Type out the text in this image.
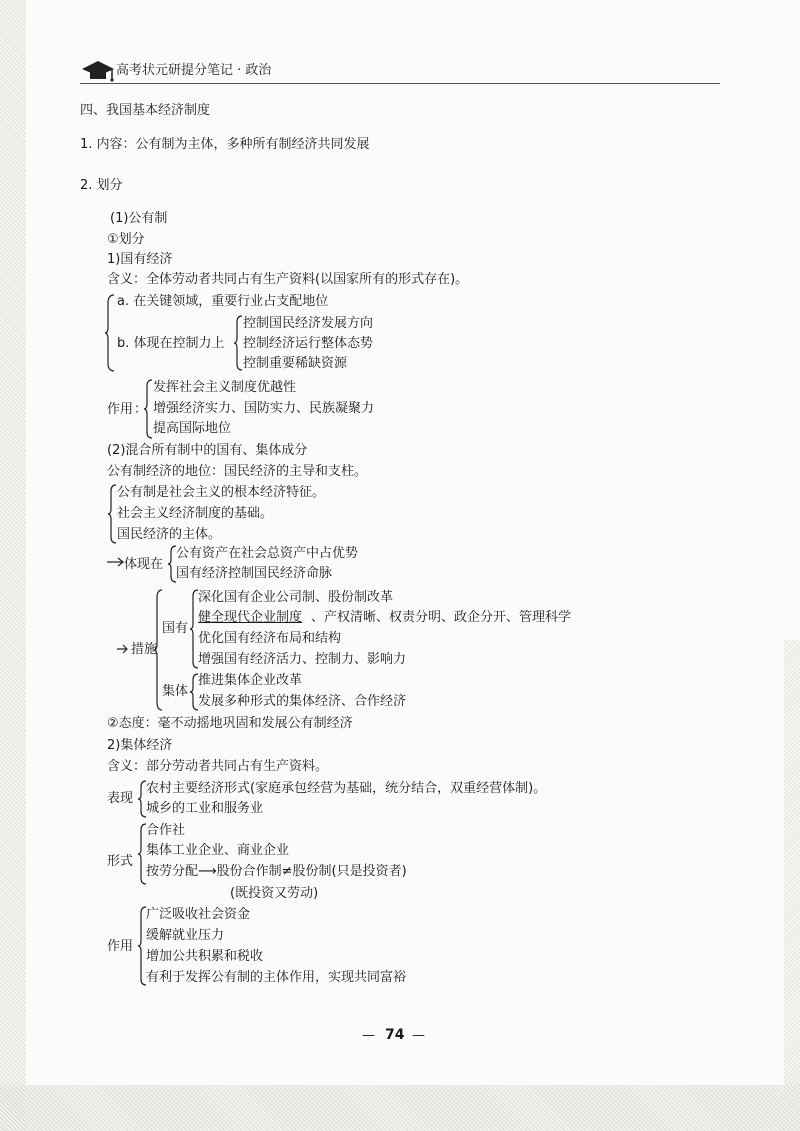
高考状元研提分笔记 · 政治
四、我国基本经济制度
1. 内容：公有制为主体，多种所有制经济共同发展
2. 划分
(1)公有制
①划分
1)国有经济
含义：全体劳动者共同占有生产资料(以国家所有的形式存在)。
a. 在关键领域，重要行业占支配地位
b. 体现在控制力上
控制国民经济发展方向
控制经济运行整体态势
控制重要稀缺资源
作用 ：
发挥社会主义制度优越性
增强经济实力、国防实力、民族凝聚力
提高国际地位
(2)混合所有制中的国有、集体成分
公有制经济的地位：国民经济的主导和支柱。
公有制是社会主义的根本经济特征。
社会主义经济制度的基础。
国民经济的主体。
体现在
公有资产在社会总资产中占优势
国有经济控制国民经济命脉
措施
国有
深化国有企业公司制、股份制改革
健全现代企业制度 、产权清晰、权责分明、政企分开、管理科学
优化国有经济布局和结构
增强国有经济活力、控制力、影响力
集体
推进集体企业改革
发展多种形式的集体经济、合作经济
②态度：毫不动摇地巩固和发展公有制经济
2)集体经济
含义：部分劳动者共同占有生产资料。
表现
农村主要经济形式(家庭承包经营为基础，统分结合，双重经营体制)。
城乡的工业和服务业
形式
合作社
集体工业企业、商业企业
按劳分配⟶股份合作制≠股份制(只是投资者)
(既投资又劳动)
作用
广泛吸收社会资金
缓解就业压力
增加公共积累和税收
有利于发挥公有制的主体作用，实现共同富裕
— 74 —
